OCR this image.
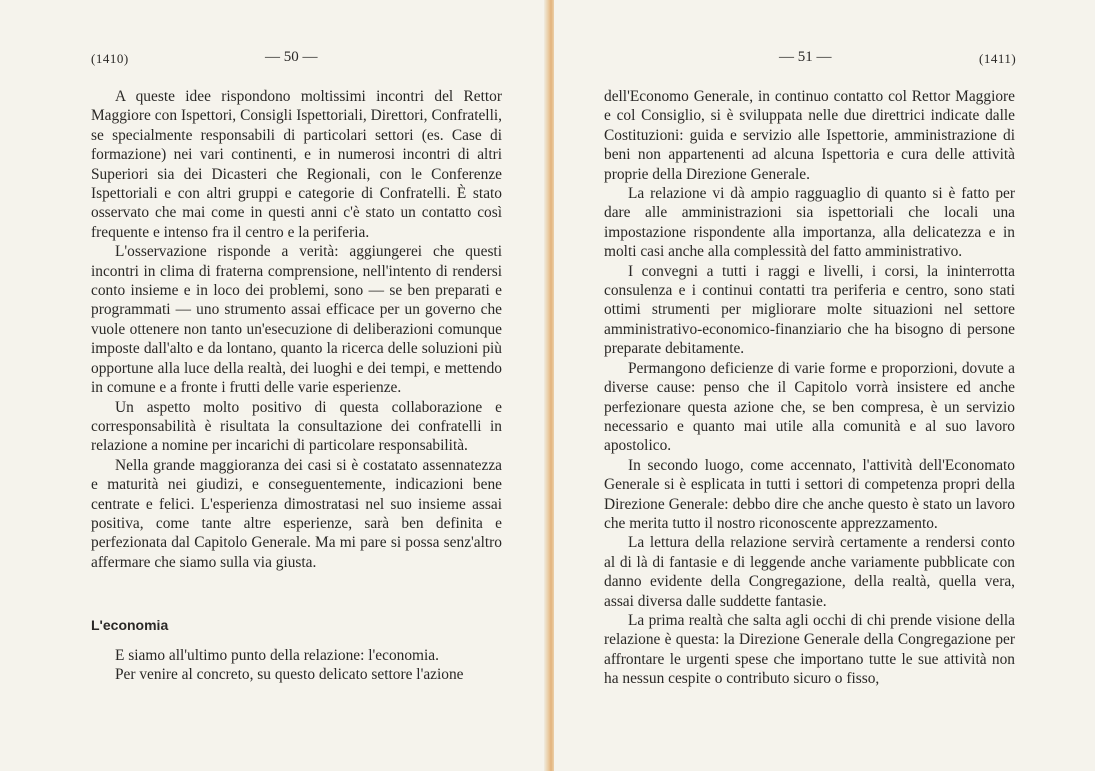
(1410)	— 50 —

A queste idee rispondono moltissimi incontri del Rettor Maggiore con Ispettori, Consigli Ispettoriali, Direttori, Confratelli, se specialmente responsabili di particolari settori (es. Case di formazione) nei vari continenti, e in numerosi incontri di altri Superiori sia dei Dicasteri che Regionali, con le Conferenze Ispettoriali e con altri gruppi e categorie di Confratelli. È stato osservato che mai come in questi anni c'è stato un contatto così frequente e intenso fra il centro e la periferia.

L'osservazione risponde a verità: aggiungerei che questi incontri in clima di fraterna comprensione, nell'intento di rendersi conto insieme e in loco dei problemi, sono — se ben preparati e programmati — uno strumento assai efficace per un governo che vuole ottenere non tanto un'esecuzione di deliberazioni comunque imposte dall'alto e da lontano, quanto la ricerca delle soluzioni più opportune alla luce della realtà, dei luoghi e dei tempi, e mettendo in comune e a fronte i frutti delle varie esperienze.

Un aspetto molto positivo di questa collaborazione e corresponsabilità è risultata la consultazione dei confratelli in relazione a nomine per incarichi di particolare responsabilità.

Nella grande maggioranza dei casi si è costatato assennatezza e maturità nei giudizi, e conseguentemente, indicazioni bene centrate e felici. L'esperienza dimostratasi nel suo insieme assai positiva, come tante altre esperienze, sarà ben definita e perfezionata dal Capitolo Generale. Ma mi pare si possa senz'altro affermare che siamo sulla via giusta.

L'economia

E siamo all'ultimo punto della relazione: l'economia.

Per venire al concreto, su questo delicato settore l'azione

— 51 —	(1411)

dell'Economo Generale, in continuo contatto col Rettor Maggiore e col Consiglio, si è sviluppata nelle due direttrici indicate dalle Costituzioni: guida e servizio alle Ispettorie, amministrazione di beni non appartenenti ad alcuna Ispettoria e cura delle attività proprie della Direzione Generale.

La relazione vi dà ampio ragguaglio di quanto si è fatto per dare alle amministrazioni sia ispettoriali che locali una impostazione rispondente alla importanza, alla delicatezza e in molti casi anche alla complessità del fatto amministrativo.

I convegni a tutti i raggi e livelli, i corsi, la ininterrotta consulenza e i continui contatti tra periferia e centro, sono stati ottimi strumenti per migliorare molte situazioni nel settore amministrativo-economico-finanziario che ha bisogno di persone preparate debitamente.

Permangono deficienze di varie forme e proporzioni, dovute a diverse cause: penso che il Capitolo vorrà insistere ed anche perfezionare questa azione che, se ben compresa, è un servizio necessario e quanto mai utile alla comunità e al suo lavoro apostolico.

In secondo luogo, come accennato, l'attività dell'Economato Generale si è esplicata in tutti i settori di competenza propri della Direzione Generale: debbo dire che anche questo è stato un lavoro che merita tutto il nostro riconoscente apprezzamento.

La lettura della relazione servirà certamente a rendersi conto al di là di fantasie e di leggende anche variamente pubblicate con danno evidente della Congregazione, della realtà, quella vera, assai diversa dalle suddette fantasie.

La prima realtà che salta agli occhi di chi prende visione della relazione è questa: la Direzione Generale della Congregazione per affrontare le urgenti spese che importano tutte le sue attività non ha nessun cespite o contributo sicuro o fisso,
